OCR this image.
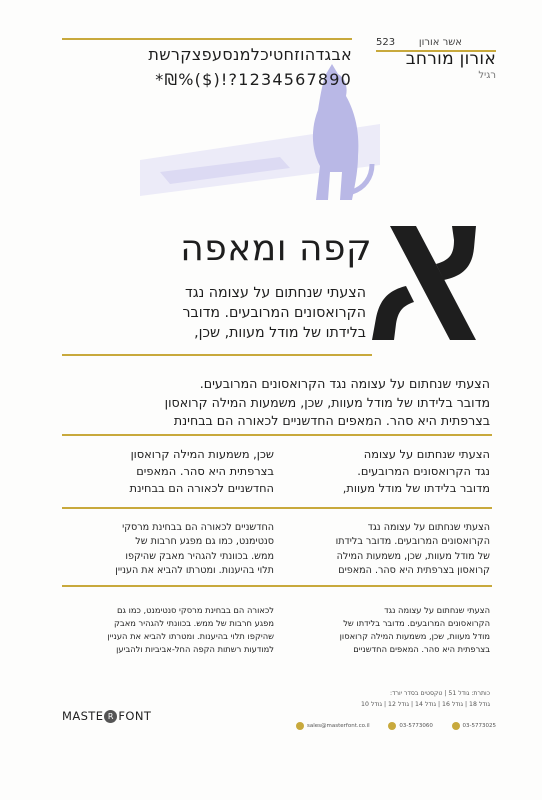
אשר אורון
523
אורון מורחב
רגיל
אבגדהוזחטיכלמנסעפצקרשת
1234567890?!($)%₪*
קפה ומאפה
הצעתי שנחתום על עצומה נגד
הקרואסונים המרובעים. מדובר
בלידתו של מודל מעוות, שכן,
הצעתי שנחתום על עצומה נגד הקרואסונים המרובעים.
מדובר בלידתו של מודל מעוות, שכן, משמעות המילה קרואסון
בצרפתית היא סהר. המאפים החדשניים לכאורה הם בבחינת
הצעתי שנחתום על עצומה
נגד הקרואסונים המרובעים.
מדובר בלידתו של מודל מעוות,
שכן, משמעות המילה קרואסון
בצרפתית היא סהר. המאפים
החדשניים לכאורה הם בבחינת
הצעתי שנחתום על עצומה נגד
הקרואסונים המרובעים. מדובר בלידתו
של מודל מעוות, שכן, משמעות המילה
קרואסון בצרפתית היא סהר. המאפים
החדשניים לכאורה הם בבחינת מרסקי
סנטימנט, כמו גם מפגע חרבות של
ממש. בכוונתי להגהיר מאבק שהיקפו
תלוי בהיענות. ומטרתו להביא את העניין
הצעתי שנחתום על עצומה נגד
הקרואסונים המרובעים. מדובר בלידתו של
מודל מעוות, שכן, משמעות המילה קרואסון
בצרפתית היא סהר. המאפים החדשניים
לכאורה הם בבחינת מרסקי סנטימנט, כמו גם
מפגע חרבות של ממש. בכוונתי להגהיר מאבק
שהיקפו תלוי בהיענות. ומטרתו להביא את העניין
למודעות רשתות הקפה החל-אביביות ולהביען
כותרת: גודל 51 | טקסטים בסדר יורד:
גודל 18 | גודל 16 | גודל 14 | גודל 12 | גודל 10
MASTE R FONT
sales@masterfont.co.il	03-5773060	03-5773025
